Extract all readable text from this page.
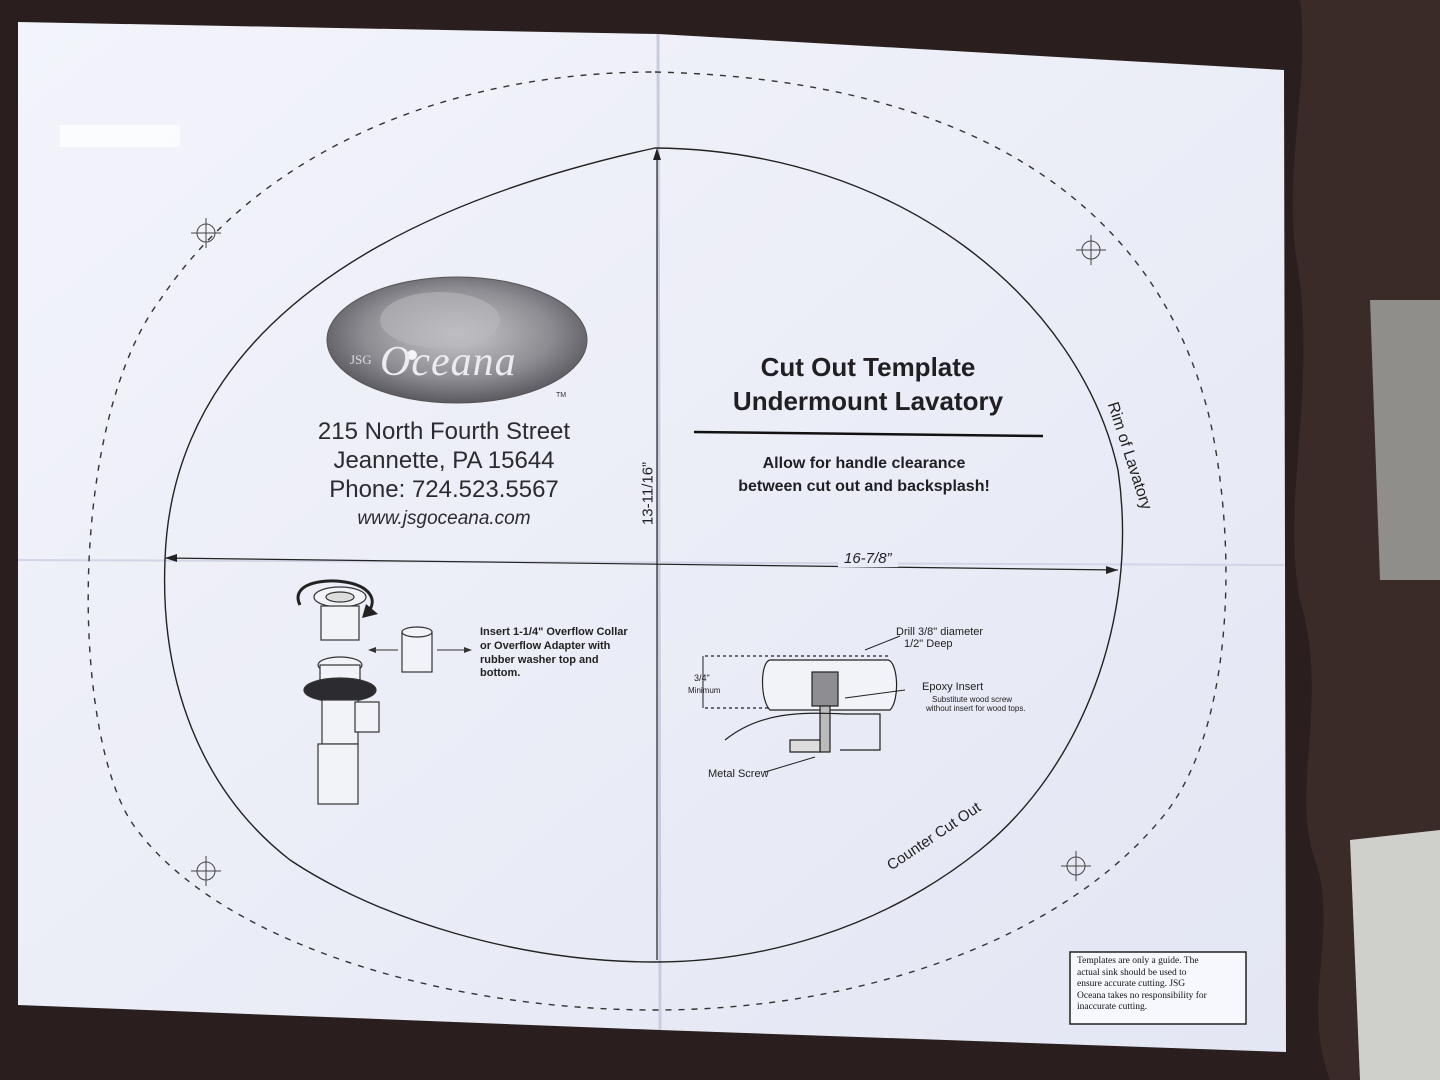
JSG Oceana
TM
215 North Fourth Street
Jeannette, PA 15644
Phone: 724.523.5567
www.jsgoceana.com
Cut Out Template
Undermount Lavatory
Allow for handle clearance
between cut out and backsplash!
13-11/16”
16-7/8”
Rim of Lavatory
Counter Cut Out
Insert 1-1/4" Overflow Collar
or Overflow Adapter with
rubber washer top and
bottom.
Drill 3/8" diameter
1/2" Deep
3/4"
Minimum	Epoxy Insert
Substitute wood screw
without insert for wood tops.
Metal Screw
Templates are only a guide. The
actual sink should be used to
ensure accurate cutting. JSG
Oceana takes no responsibility for
inaccurate cutting.
